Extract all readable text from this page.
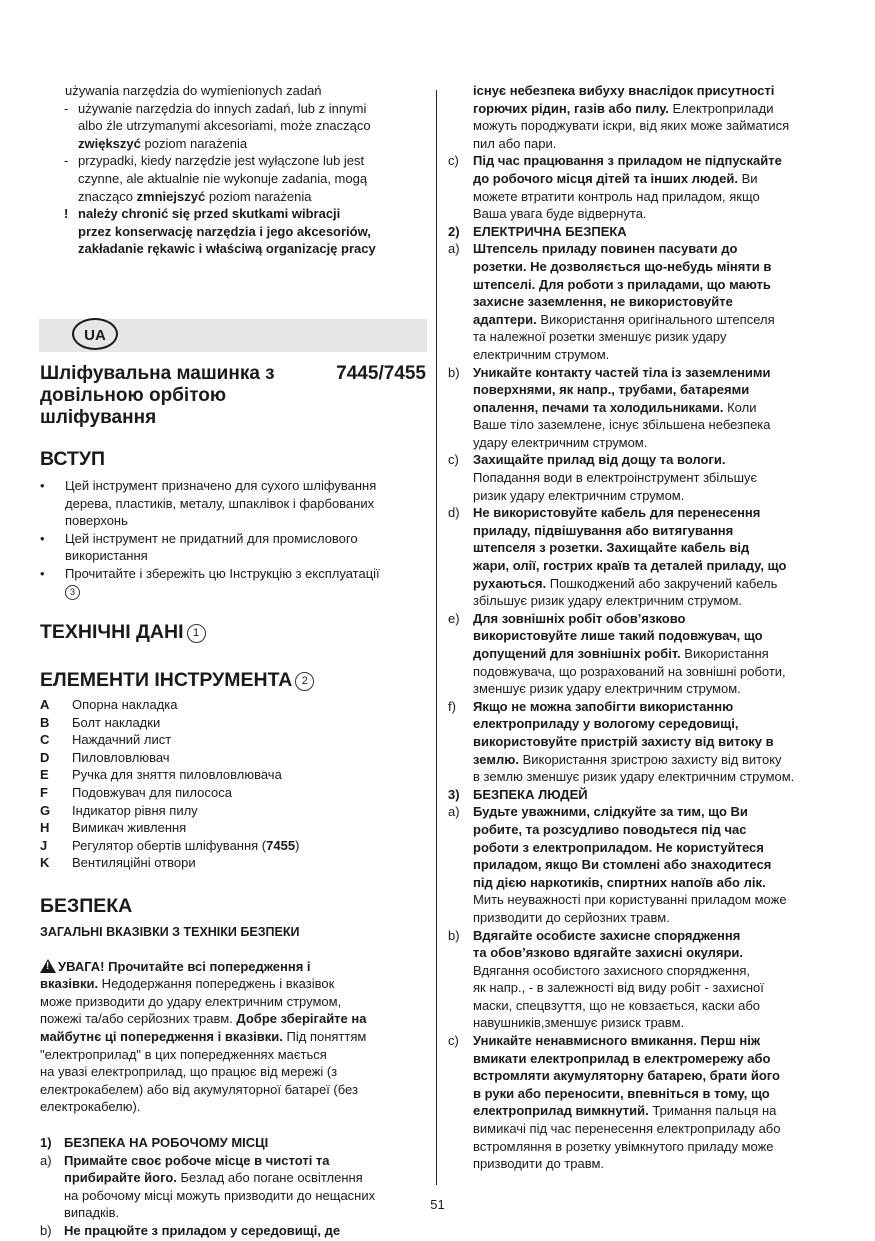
używania narzędzia do wymienionych zadań

- używanie narzędzia do innych zadań, lub z innymi

albo źle utrzymanymi akcesoriami, może znacząco

zwiększyć poziom narażenia

- przypadki, kiedy narzędzie jest wyłączone lub jest

czynne, ale aktualnie nie wykonuje zadania, mogą

znacząco zmniejszyć poziom narażenia

! należy chronić się przed skutkami wibracji

przez konserwację narzędzia i jego akcesoriów,

zakładanie rękawic i właściwą organizację pracy

UA
Шліфувальна машинка з	7445/7455

довільною орбітою

шліфування

ВСТУП
•	Цей інструмент призначено для сухого шліфування

дерева, пластиків, металу, шпаклівок і фарбованих

поверхонь

•	Цей інструмент не придатний для промислового

використання

•	Прочитайте і збережіть цю Інструкцію з експлуатації

3

ТЕХНІЧНІ ДАНІ 1
ЕЛЕМЕНТИ ІНСТРУМЕНТА 2
A	Опорна накладка
B	Болт накладки
C	Наждачний лист
D	Пиловловлювач
E	Ручка для зняття пиловловлювача
F	Подовжувач для пилососа
G	Індикатор рівня пилу
H	Вимикач живлення
J	Регулятор обертів шліфування (7455)
K	Вентиляційні отвори
БЕЗПЕКА

ЗАГАЛЬНІ ВКАЗІВКИ З ТЕХНІКИ БЕЗПЕКИ

! УВАГА! Прочитайте всі попередження і

вказівки. Недодержання попереджень і вказівок

може призводити до удару електричним струмом,

пожежі та/або серйозних травм. Добре зберігайте на

майбутнє ці попередження і вказівки. Під поняттям

"електроприлад" в цих попередженнях мається

на увазі електроприлад, що працює від мережі (з

електрокабелем) або від акумуляторної батареї (без

електрокабелю).

1) БЕЗПЕКА НА РОБОЧОМУ МІСЦІ
a) Примайте своє робоче місце в чистоті та

прибирайте його. Безлад або погане освітлення

на робочому місці можуть призводити до нещасних

випадків.

b) Не працюйте з приладом у середовищі, де

існує небезпека вибуху внаслідок присутності

горючих рідин, газів або пилу. Електроприлади

можуть породжувати іскри, від яких може займатися

пил або пари.

c)	Під час працювання з приладом не підпускайте

до робочого місця дітей та інших людей. Ви

можете втратити контроль над приладом, якщо

Ваша увага буде відвернута.

2)	ЕЛЕКТРИЧНА БЕЗПЕКА
a)	Штепсель приладу повинен пасувати до

розетки. Не дозволяється що-небудь міняти в

штепселі. Для роботи з приладами, що мають

захисне заземлення, не використовуйте

адаптери. Використання оригінального штепселя

та належної розетки зменшує ризик удару

електричним струмом.

b)	Уникайте контакту частей тіла із заземленими

поверхнями, як напр., трубами, батареями

опалення, печами та холодильниками. Коли

Ваше тіло заземлене, існує збільшена небезпека

удару електричним струмом.

c)	Захищайте прилад від дощу та вологи.

Попадання води в електроінструмент збільшує

ризик удару електричним струмом.

d)	Не використовуйте кабель для перенесення

приладу, підвішування або витягування

штепселя з розетки. Захищайте кабель від

жари, олії, гострих країв та деталей приладу, що

рухаються. Пошкоджений або закручений кабель

збільшує ризик удару електричним струмом.

e)	Для зовнішніх робіт обов’язково

використовуйте лише такий подовжувач, що

допущений для зовнішніх робіт. Використання

подовжувача, що розрахований на зовнішні роботи,

зменшує ризик удару електричним струмом.

f)	Якщо не можна запобігти використанню

електроприладу у вологому середовищі,

використовуйте пристрій захисту від витоку в

землю. Використання зристрою захисту від витоку

в землю зменшує ризик удару електричним струмом.

3)	БЕЗПЕКА ЛЮДЕЙ
a)	Будьте уважними, слідкуйте за тим, що Ви

робите, та розсудливо поводьтеся під час

роботи з електроприладом. Не користуйтеся

приладом, якщо Ви стомлені або знаходитеся

під дією наркотиків, спиртних напоїв або лік.

Мить неуважності при користуванні приладом може

призводити до серйозних травм.

b)	Вдягайте особисте захисне спорядження

та обов’язково вдягайте захисні окуляри.

Вдягання особистого захисного спорядження,

як напр., - в залежності від виду робіт - захисної

маски, спецвзуття, що не ковзається, каски або

навушників,зменшує ризиск травм.

c)	Уникайте ненавмисного вмикання. Перш ніж

вмикати електроприлад в електромережу або

встромляти акумуляторну батарею, брати його

в руки або переносити, впевніться в тому, що

електроприлад вимкнутий. Тримання пальця на

вимикачі під час перенесення електроприладу або

встромляння в розетку увімкнутого приладу може

призводити до травм.

51
